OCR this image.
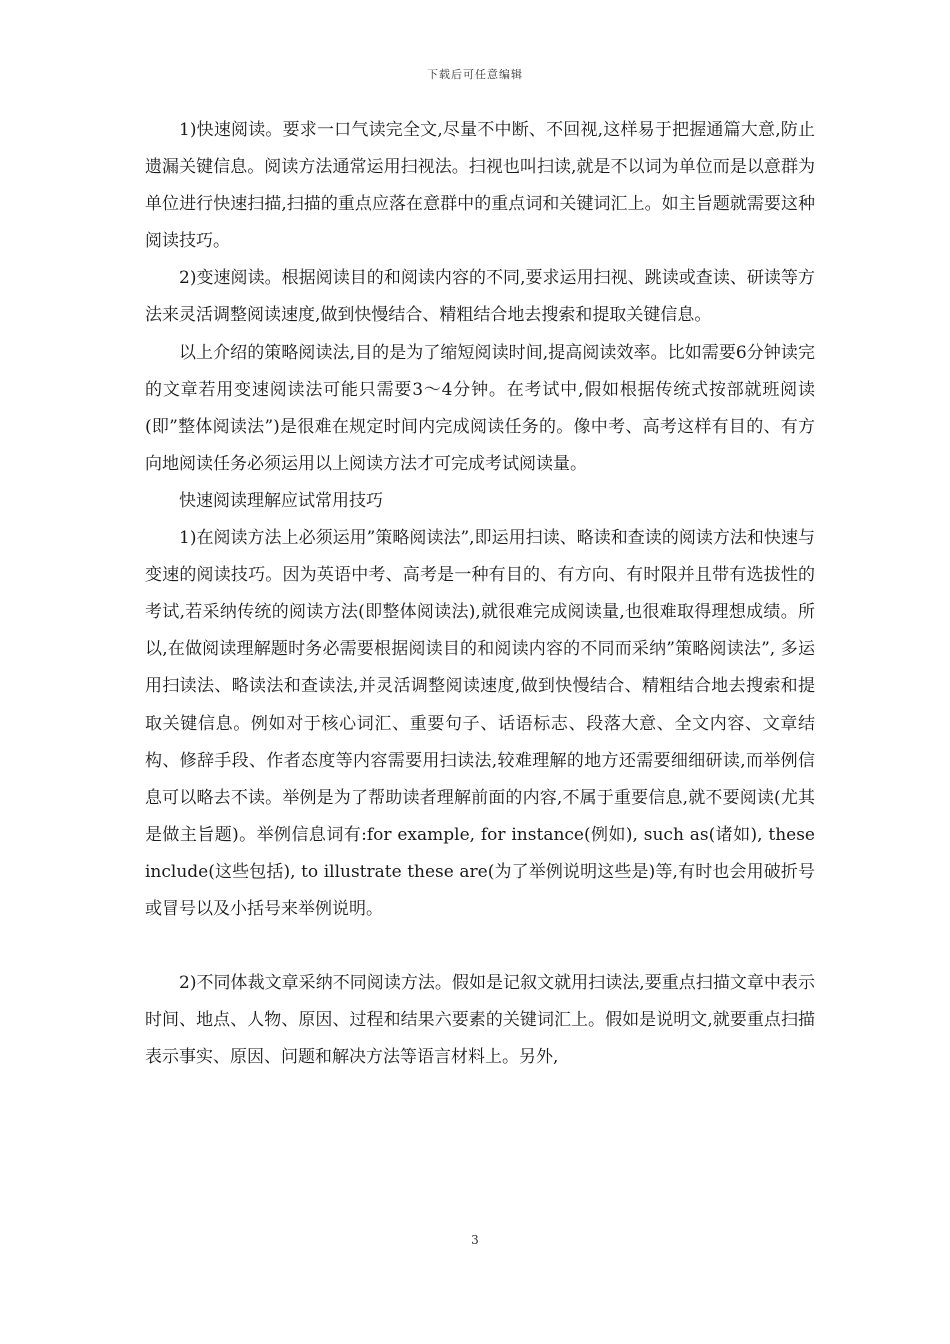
下载后可任意编辑

1)快速阅读。要求一口气读完全文,尽量不中断、不回视,这样易于把握通篇大意,防止遗漏关键信息。阅读方法通常运用扫视法。扫视也叫扫读,就是不以词为单位而是以意群为单位进行快速扫描,扫描的重点应落在意群中的重点词和关键词汇上。如主旨题就需要这种阅读技巧。

2)变速阅读。根据阅读目的和阅读内容的不同,要求运用扫视、跳读或查读、研读等方法来灵活调整阅读速度,做到快慢结合、精粗结合地去搜索和提取关键信息。

以上介绍的策略阅读法,目的是为了缩短阅读时间,提高阅读效率。比如需要6分钟读完的文章若用变速阅读法可能只需要3～4分钟。在考试中,假如根据传统式按部就班阅读(即”整体阅读法”)是很难在规定时间内完成阅读任务的。像中考、高考这样有目的、有方向地阅读任务必须运用以上阅读方法才可完成考试阅读量。

快速阅读理解应试常用技巧

1)在阅读方法上必须运用”策略阅读法”,即运用扫读、略读和查读的阅读方法和快速与变速的阅读技巧。因为英语中考、高考是一种有目的、有方向、有时限并且带有选拔性的考试,若采纳传统的阅读方法(即整体阅读法),就很难完成阅读量,也很难取得理想成绩。所以,在做阅读理解题时务必需要根据阅读目的和阅读内容的不同而采纳”策略阅读法”, 多运用扫读法、略读法和查读法,并灵活调整阅读速度,做到快慢结合、精粗结合地去搜索和提取关键信息。例如对于核心词汇、重要句子、话语标志、段落大意、全文内容、文章结构、修辞手段、作者态度等内容需要用扫读法,较难理解的地方还需要细细研读,而举例信息可以略去不读。举例是为了帮助读者理解前面的内容,不属于重要信息,就不要阅读(尤其是做主旨题)。举例信息词有:for example, for instance(例如), such as(诸如), these include(这些包括), to illustrate these are(为了举例说明这些是)等,有时也会用破折号或冒号以及小括号来举例说明。

2)不同体裁文章采纳不同阅读方法。假如是记叙文就用扫读法,要重点扫描文章中表示时间、地点、人物、原因、过程和结果六要素的关键词汇上。假如是说明文,就要重点扫描表示事实、原因、问题和解决方法等语言材料上。另外,

3
